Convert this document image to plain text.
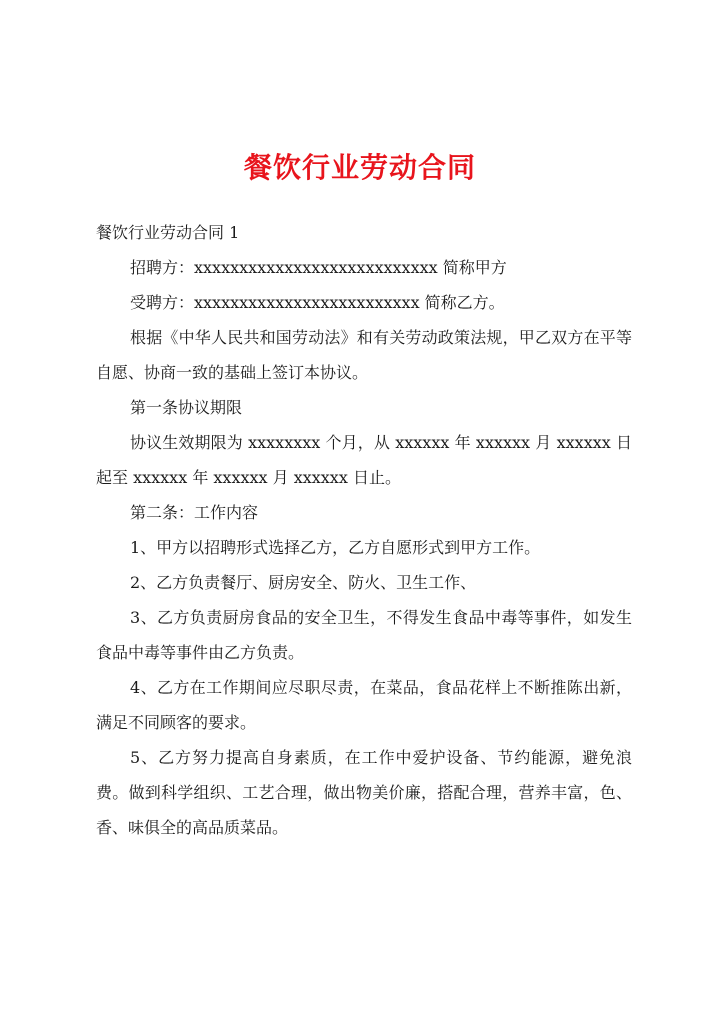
餐饮行业劳动合同

餐饮行业劳动合同 1

招聘方：xxxxxxxxxxxxxxxxxxxxxxxxxxx 简称甲方

受聘方：xxxxxxxxxxxxxxxxxxxxxxxxx 简称乙方。

根据《中华人民共和国劳动法》和有关劳动政策法规，甲乙双方在平等自愿、协商一致的基础上签订本协议。

第一条协议期限

协议生效期限为 xxxxxxxx 个月，从 xxxxxx 年 xxxxxx 月 xxxxxx 日起至 xxxxxx 年 xxxxxx 月 xxxxxx 日止。

第二条：工作内容

1、甲方以招聘形式选择乙方，乙方自愿形式到甲方工作。

2、乙方负责餐厅、厨房安全、防火、卫生工作、

3、乙方负责厨房食品的安全卫生，不得发生食品中毒等事件，如发生食品中毒等事件由乙方负责。

4、乙方在工作期间应尽职尽责，在菜品，食品花样上不断推陈出新，满足不同顾客的要求。

5、乙方努力提高自身素质，在工作中爱护设备、节约能源，避免浪费。做到科学组织、工艺合理，做出物美价廉，搭配合理，营养丰富，色、香、味俱全的高品质菜品。
